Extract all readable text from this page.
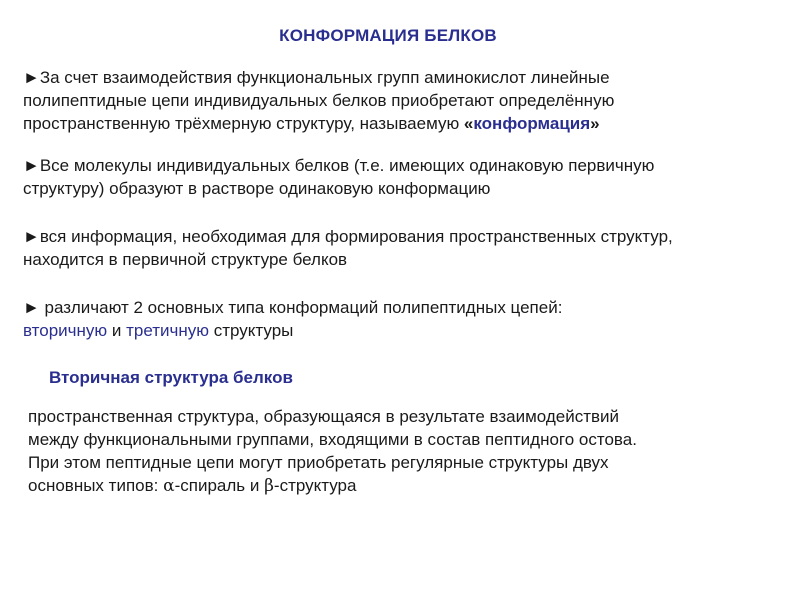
КОНФОРМАЦИЯ БЕЛКОВ
►За счет взаимодействия функциональных групп аминокислот линейные
полипептидные цепи индивидуальных белков приобретают определённую
пространственную трёхмерную структуру, называемую «конформация»
►Все молекулы индивидуальных белков (т.е. имеющих одинаковую первичную
структуру) образуют в растворе одинаковую конформацию
►вся информация, необходимая для формирования пространственных структур,
находится в первичной структуре белков
► различают 2 основных типа конформаций полипептидных цепей:
вторичную и третичную структуры
Вторичная структура белков
пространственная структура, образующаяся в результате взаимодействий
между функциональными группами, входящими в состав пептидного остова.
При этом пептидные цепи могут приобретать регулярные структуры двух
основных типов: α-спираль и β-структура
